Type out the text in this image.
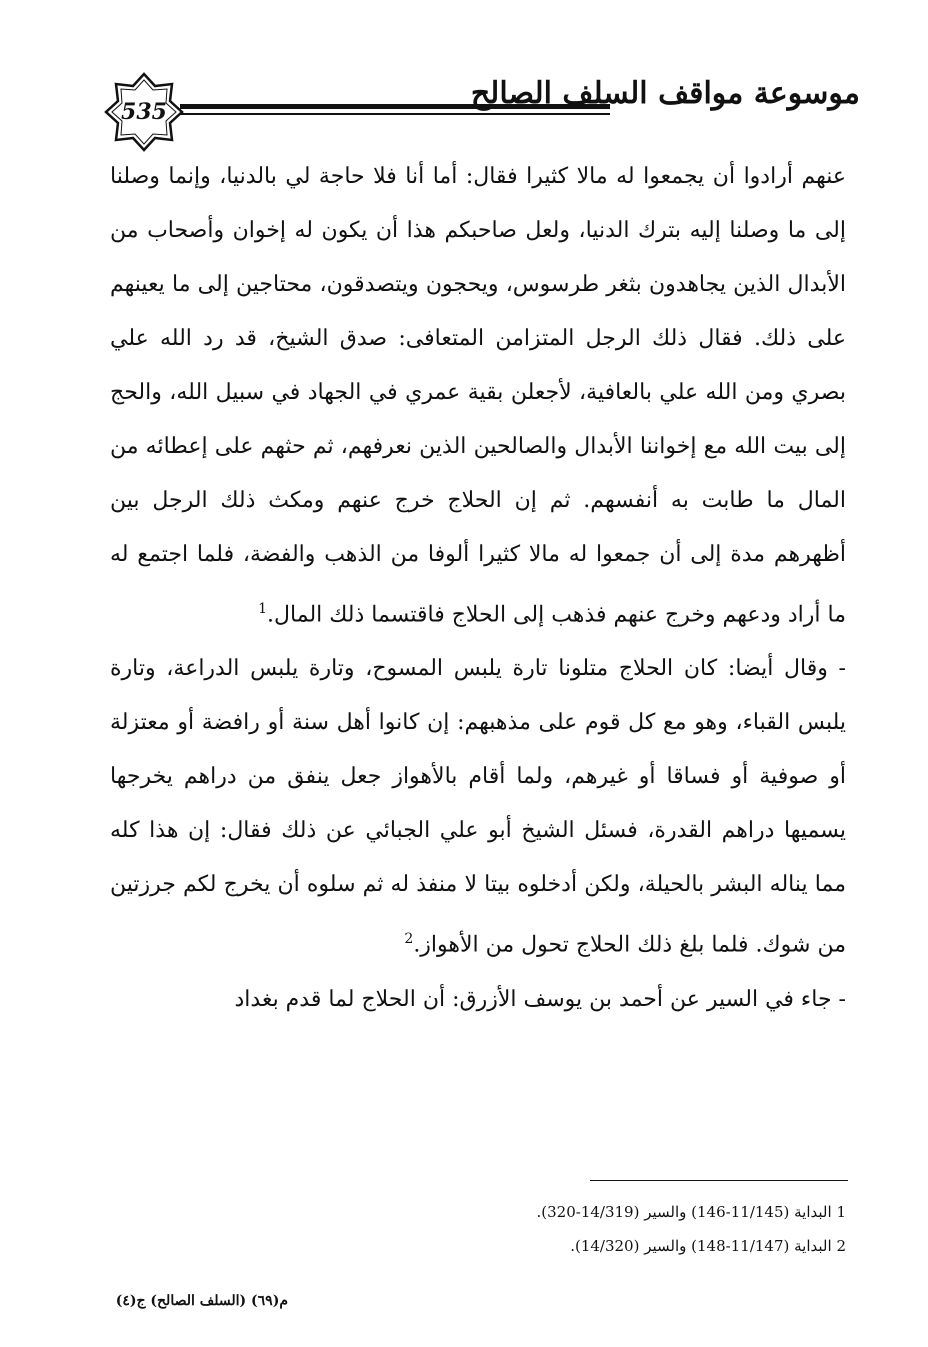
535
موسوعة مواقف السلف الصالح

عنهم أرادوا أن يجمعوا له مالا كثيرا فقال: أما أنا فلا حاجة لي بالدنيا، وإنما وصلنا إلى ما وصلنا إليه بترك الدنيا، ولعل صاحبكم هذا أن يكون له إخوان وأصحاب من الأبدال الذين يجاهدون بثغر طرسوس، ويحجون ويتصدقون، محتاجين إلى ما يعينهم على ذلك. فقال ذلك الرجل المتزامن المتعافى: صدق الشيخ، قد رد الله علي بصري ومن الله علي بالعافية، لأجعلن بقية عمري في الجهاد في سبيل الله، والحج إلى بيت الله مع إخواننا الأبدال والصالحين الذين نعرفهم، ثم حثهم على إعطائه من المال ما طابت به أنفسهم. ثم إن الحلاج خرج عنهم ومكث ذلك الرجل بين أظهرهم مدة إلى أن جمعوا له مالا كثيرا ألوفا من الذهب والفضة، فلما اجتمع له ما أراد ودعهم وخرج عنهم فذهب إلى الحلاج فاقتسما ذلك المال.$^1$

- وقال أيضا: كان الحلاج متلونا تارة يلبس المسوح، وتارة يلبس الدراعة، وتارة يلبس القباء، وهو مع كل قوم على مذهبهم: إن كانوا أهل سنة أو رافضة أو معتزلة أو صوفية أو فساقا أو غيرهم، ولما أقام بالأهواز جعل ينفق من دراهم يخرجها يسميها دراهم القدرة، فسئل الشيخ أبو علي الجبائي عن ذلك فقال: إن هذا كله مما يناله البشر بالحيلة، ولكن أدخلوه بيتا لا منفذ له ثم سلوه أن يخرج لكم جرزتين من شوك. فلما بلغ ذلك الحلاج تحول من الأهواز.$^2$

- جاء في السير عن أحمد بن يوسف الأزرق: أن الحلاج لما قدم بغداد

1 البداية (11/145-146) والسير (14/319-320).

2 البداية (11/147-148) والسير (14/320).

م(٦٩) (السلف الصالح) ج(٤)
